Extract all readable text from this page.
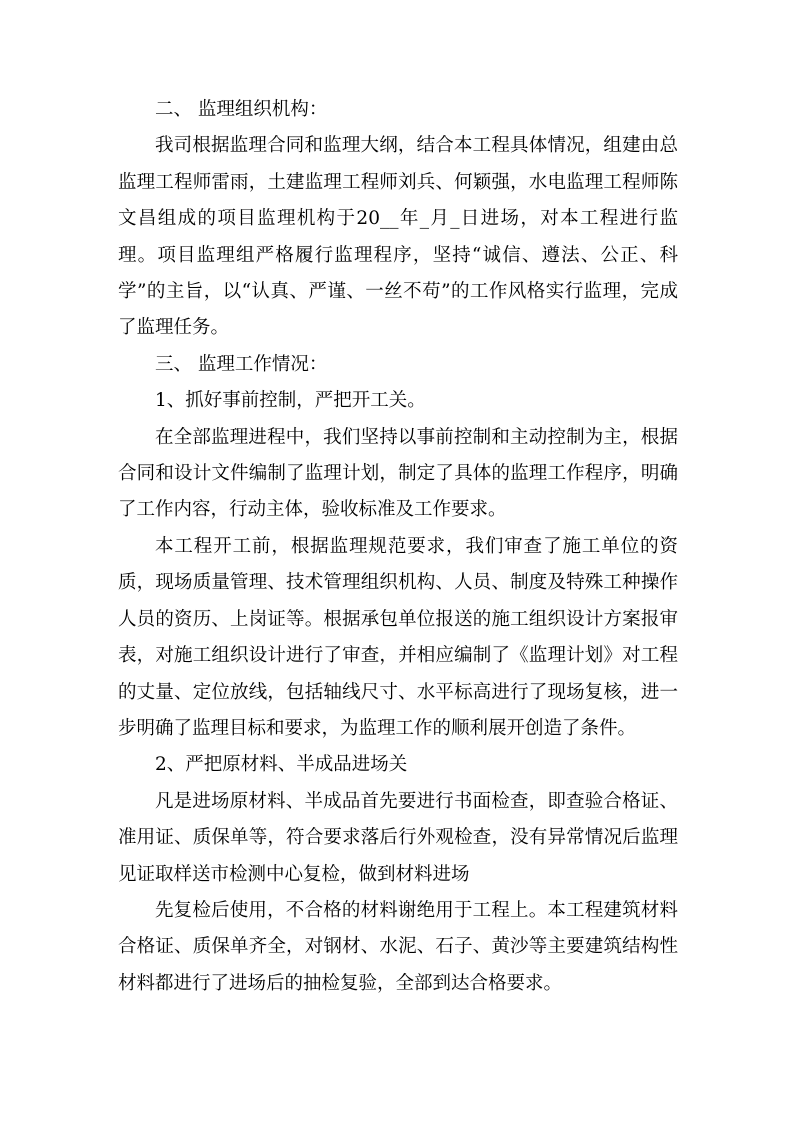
二、 监理组织机构：

我司根据监理合同和监理大纲，结合本工程具体情况，组建由总监理工程师雷雨，土建监理工程师刘兵、何颖强，水电监理工程师陈文昌组成的项目监理机构于20__年_月_日进场，对本工程进行监理。项目监理组严格履行监理程序，坚持“诚信、遵法、公正、科学”的主旨，以“认真、严谨、一丝不苟”的工作风格实行监理，完成了监理任务。

三、 监理工作情况：

1、抓好事前控制，严把开工关。

在全部监理进程中，我们坚持以事前控制和主动控制为主，根据合同和设计文件编制了监理计划，制定了具体的监理工作程序，明确了工作内容，行动主体，验收标准及工作要求。

本工程开工前，根据监理规范要求，我们审查了施工单位的资质，现场质量管理、技术管理组织机构、人员、制度及特殊工种操作人员的资历、上岗证等。根据承包单位报送的施工组织设计方案报审表，对施工组织设计进行了审查，并相应编制了《监理计划》对工程的丈量、定位放线，包括轴线尺寸、水平标高进行了现场复核，进一步明确了监理目标和要求，为监理工作的顺利展开创造了条件。

2、严把原材料、半成品进场关

凡是进场原材料、半成品首先要进行书面检查，即查验合格证、准用证、质保单等，符合要求落后行外观检查，没有异常情况后监理见证取样送市检测中心复检，做到材料进场

先复检后使用，不合格的材料谢绝用于工程上。本工程建筑材料合格证、质保单齐全，对钢材、水泥、石子、黄沙等主要建筑结构性材料都进行了进场后的抽检复验，全部到达合格要求。
